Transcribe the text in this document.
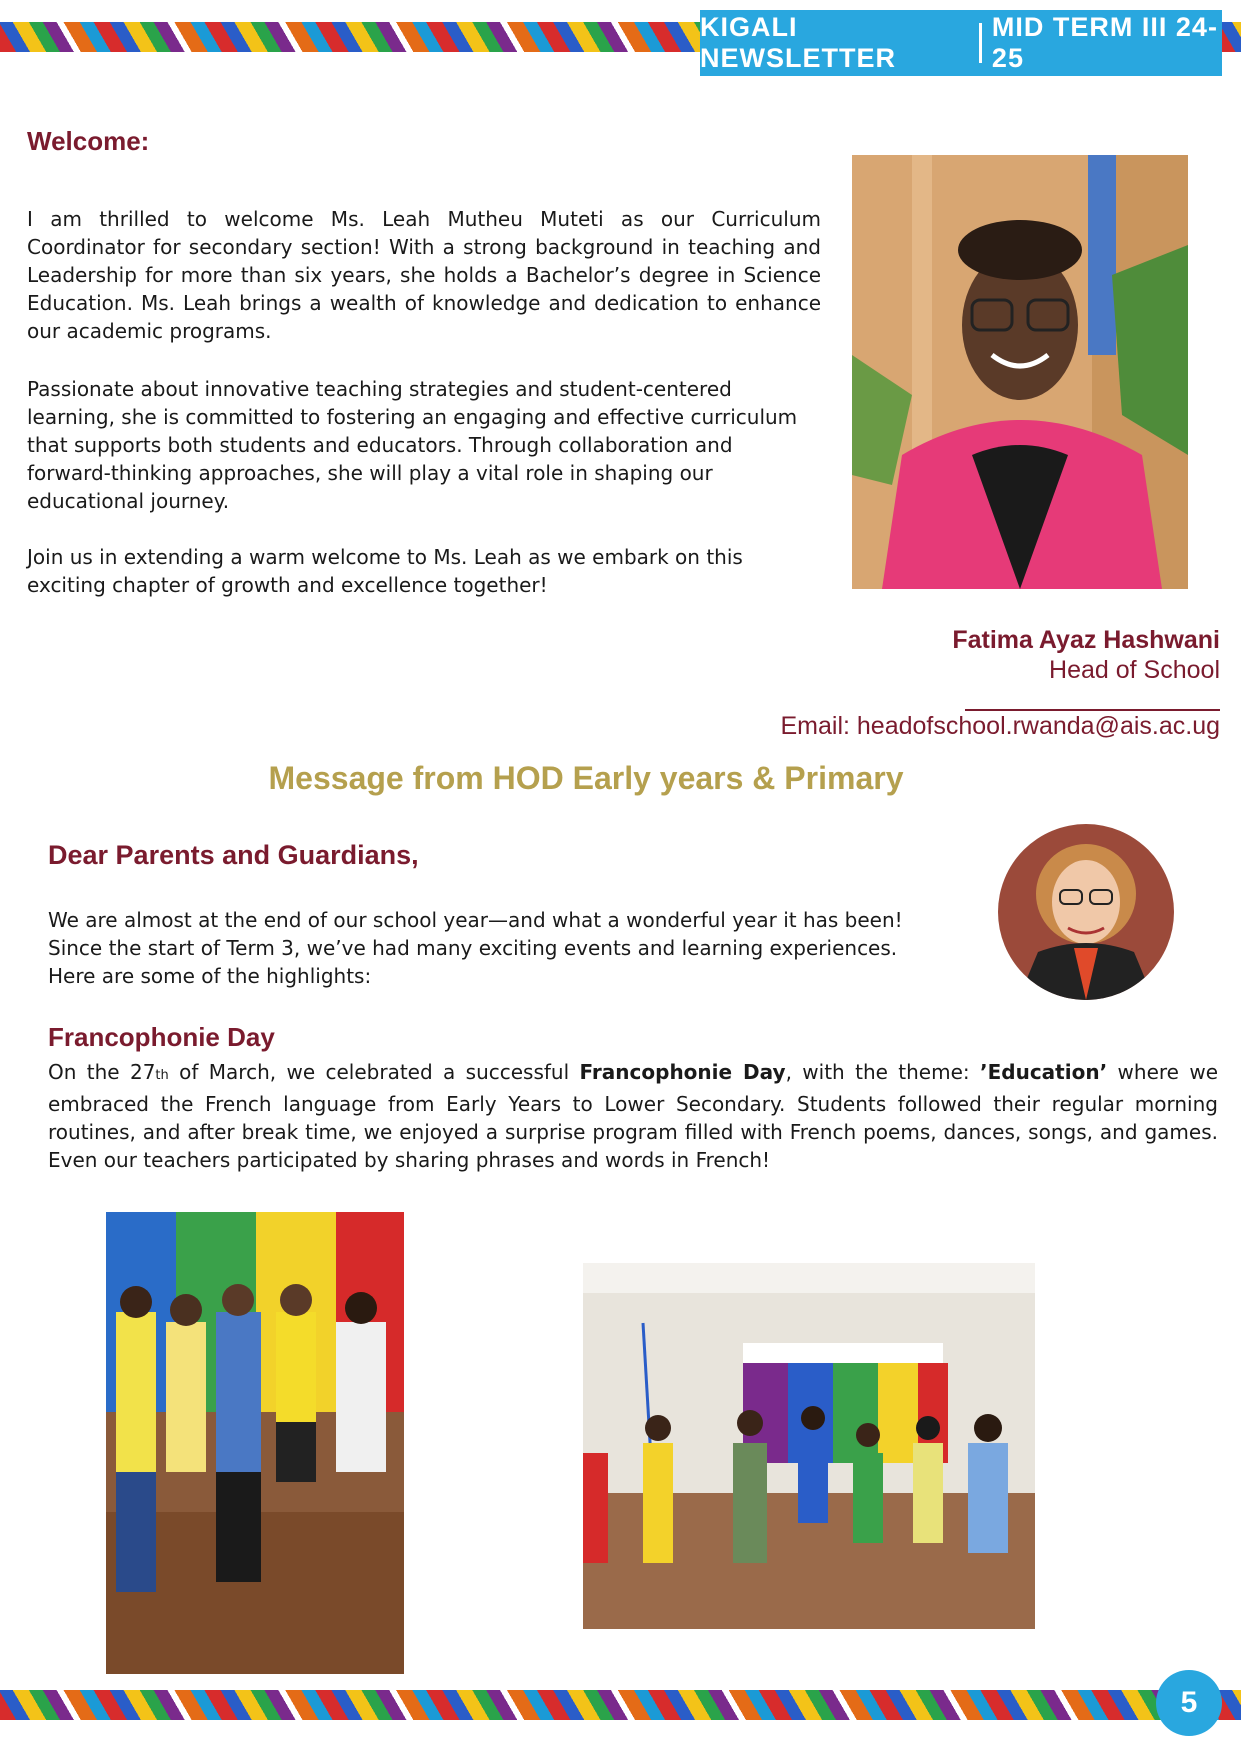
KIGALI NEWSLETTER
MID TERM III 24-25
Welcome:

I am thrilled to welcome Ms. Leah Mutheu Muteti as our Curriculum Coordinator for secondary section! With a strong background in teaching and Leadership for more than six years, she holds a Bachelor’s degree in Science Education. Ms. Leah brings a wealth of knowledge and dedication to enhance our academic programs.

Passionate about innovative teaching strategies and student-centered learning, she is committed to fostering an engaging and effective curriculum that supports both students and educators. Through collaboration and forward-thinking approaches, she will play a vital role in shaping our educational journey.

Join us in extending a warm welcome to Ms. Leah as we embark on this exciting chapter of growth and excellence together!

Fatima Ayaz Hashwani
Head of School
Email: headofschool.rwanda@ais.ac.ug
Message from HOD Early years & Primary
Dear Parents and Guardians,

We are almost at the end of our school year—and what a wonderful year it has been! Since the start of Term 3, we’ve had many exciting events and learning experiences. Here are some of the highlights:

Francophonie Day

On the 27th of March, we celebrated a successful Francophonie Day, with the theme: ’Education’ where we embraced the French language from Early Years to Lower Secondary. Students followed their regular morning routines, and after break time, we enjoyed a surprise program filled with French poems, dances, songs, and games. Even our teachers participated by sharing phrases and words in French!

5
